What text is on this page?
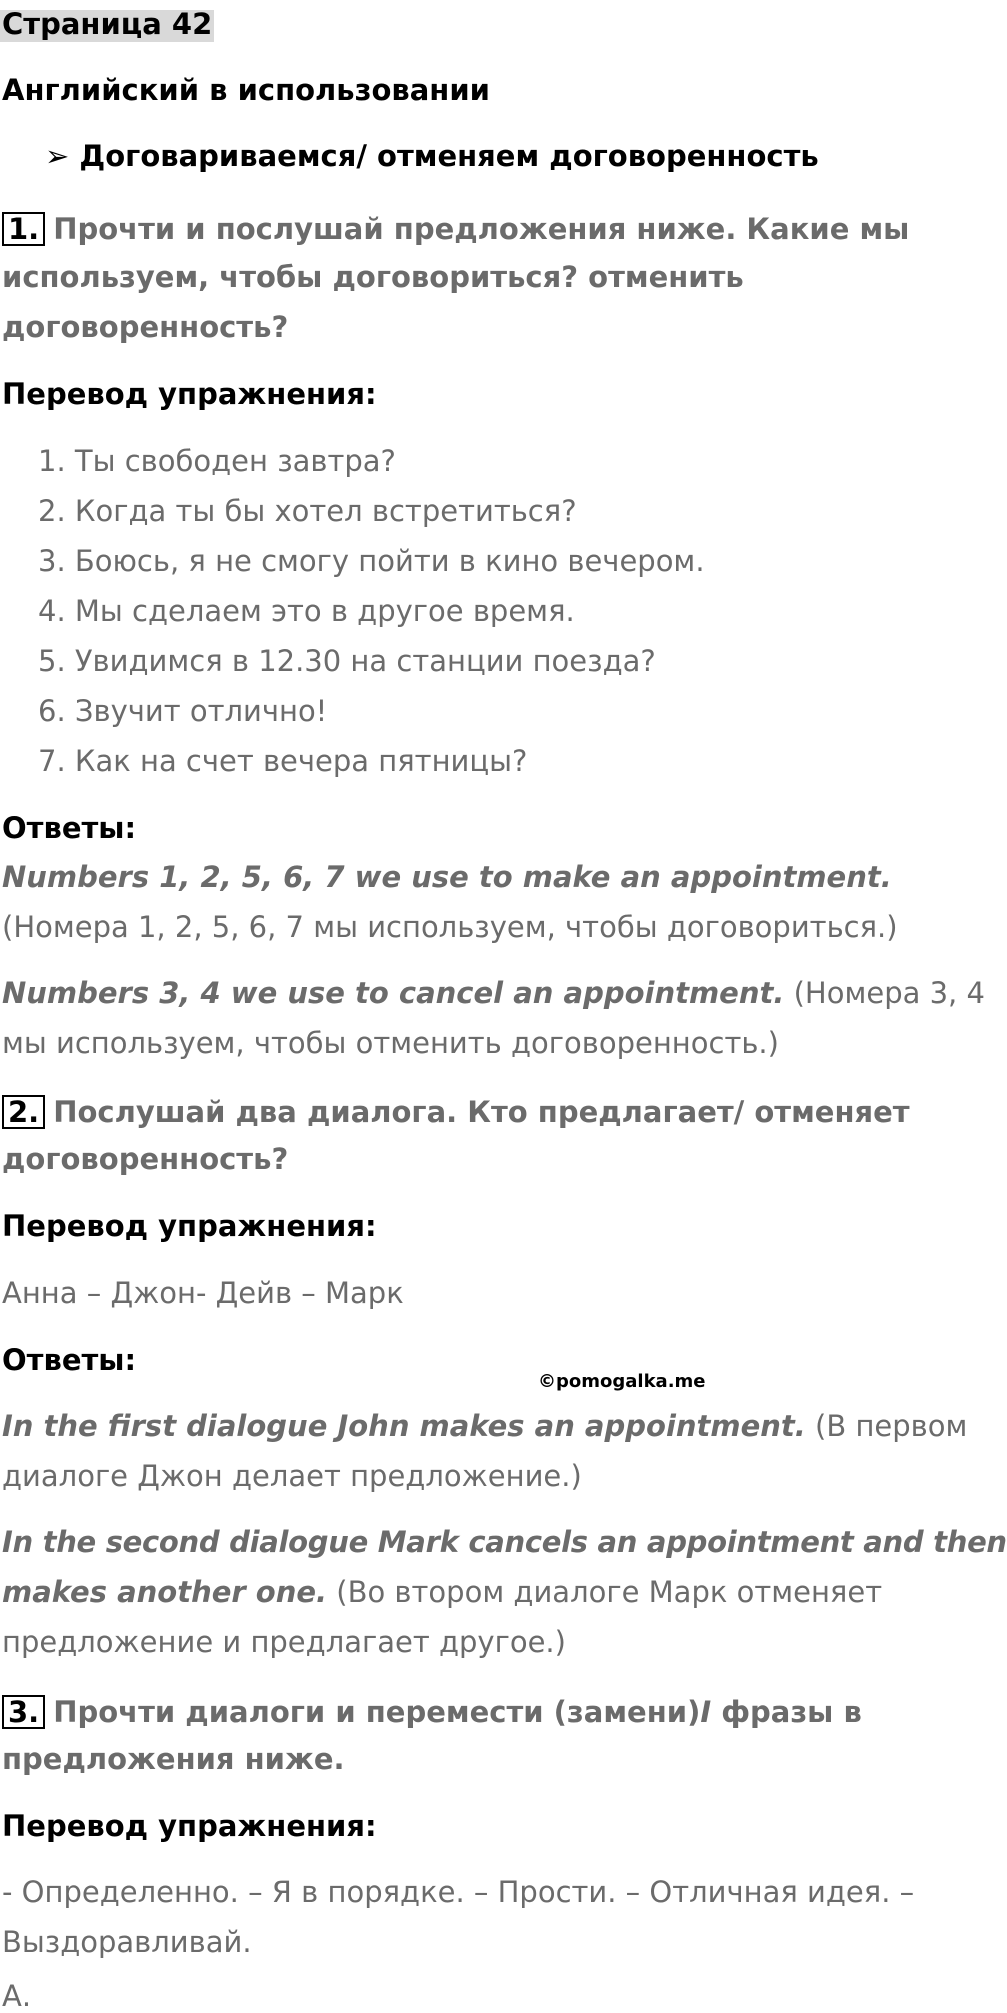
Страница 42
Английский в использовании
➢ Договариваемся/ отменяем договоренность
1. Прочти и послушай предложения ниже. Какие мы
используем, чтобы договориться? отменить
договоренность?
Перевод упражнения:
1. Ты свободен завтра?
2. Когда ты бы хотел встретиться?
3. Боюсь, я не смогу пойти в кино вечером.
4. Мы сделаем это в другое время.
5. Увидимся в 12.30 на станции поезда?
6. Звучит отлично!
7. Как на счет вечера пятницы?
Ответы:
Numbers 1, 2, 5, 6, 7 we use to make an appointment.
(Номера 1, 2, 5, 6, 7 мы используем, чтобы договориться.)
Numbers 3, 4 we use to cancel an appointment. (Номера 3, 4
мы используем, чтобы отменить договоренность.)
2. Послушай два диалога. Кто предлагает/ отменяет
договоренность?
Перевод упражнения:
Анна – Джон- Дейв – Марк
Ответы:
©pomogalka.me
In the first dialogue John makes an appointment. (В первом
диалоге Джон делает предложение.)
In the second dialogue Mark cancels an appointment and then
makes another one. (Во втором диалоге Марк отменяет
предложение и предлагает другое.)
3. Прочти диалоги и перемести (замени)I фразы в
предложения ниже.
Перевод упражнения:
- Определенно. – Я в порядке. – Прости. – Отличная идея. –
Выздоравливай.
А.
